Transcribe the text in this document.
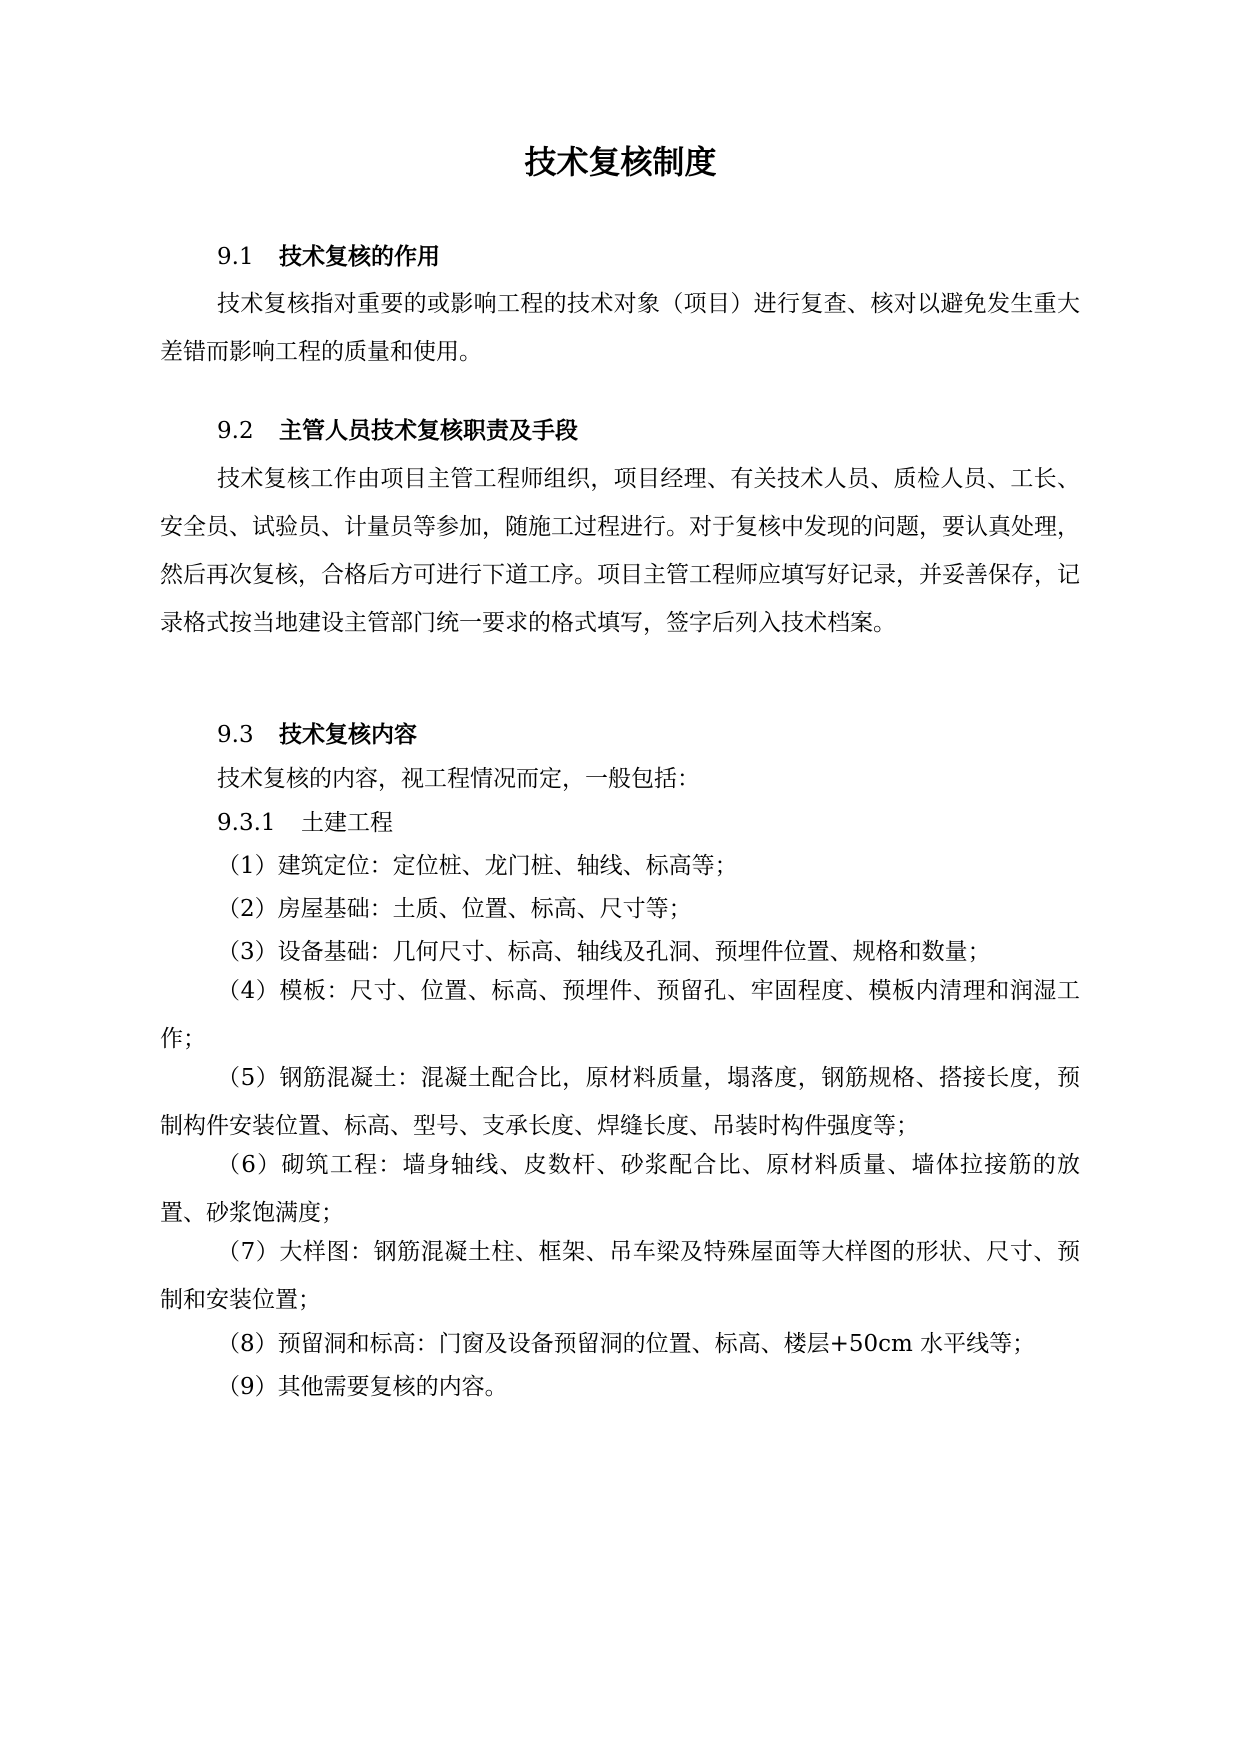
技术复核制度
9.1 技术复核的作用
技术复核指对重要的或影响工程的技术对象（项目）进行复查、核对以避免发生重大差错而影响工程的质量和使用。
9.2 主管人员技术复核职责及手段
技术复核工作由项目主管工程师组织，项目经理、有关技术人员、质检人员、工长、安全员、试验员、计量员等参加，随施工过程进行。对于复核中发现的问题，要认真处理，然后再次复核，合格后方可进行下道工序。项目主管工程师应填写好记录，并妥善保存，记录格式按当地建设主管部门统一要求的格式填写，签字后列入技术档案。
9.3 技术复核内容
技术复核的内容，视工程情况而定，一般包括：
9.3.1 土建工程
（1）建筑定位：定位桩、龙门桩、轴线、标高等；
（2）房屋基础：土质、位置、标高、尺寸等；
（3）设备基础：几何尺寸、标高、轴线及孔洞、预埋件位置、规格和数量；
（4）模板：尺寸、位置、标高、预埋件、预留孔、牢固程度、模板内清理和润湿工作；
（5）钢筋混凝土：混凝土配合比，原材料质量，塌落度，钢筋规格、搭接长度，预制构件安装位置、标高、型号、支承长度、焊缝长度、吊装时构件强度等；
（6）砌筑工程：墙身轴线、皮数杆、砂浆配合比、原材料质量、墙体拉接筋的放置、砂浆饱满度；
（7）大样图：钢筋混凝土柱、框架、吊车梁及特殊屋面等大样图的形状、尺寸、预制和安装位置；
（8）预留洞和标高：门窗及设备预留洞的位置、标高、楼层+50cm 水平线等；
（9）其他需要复核的内容。
